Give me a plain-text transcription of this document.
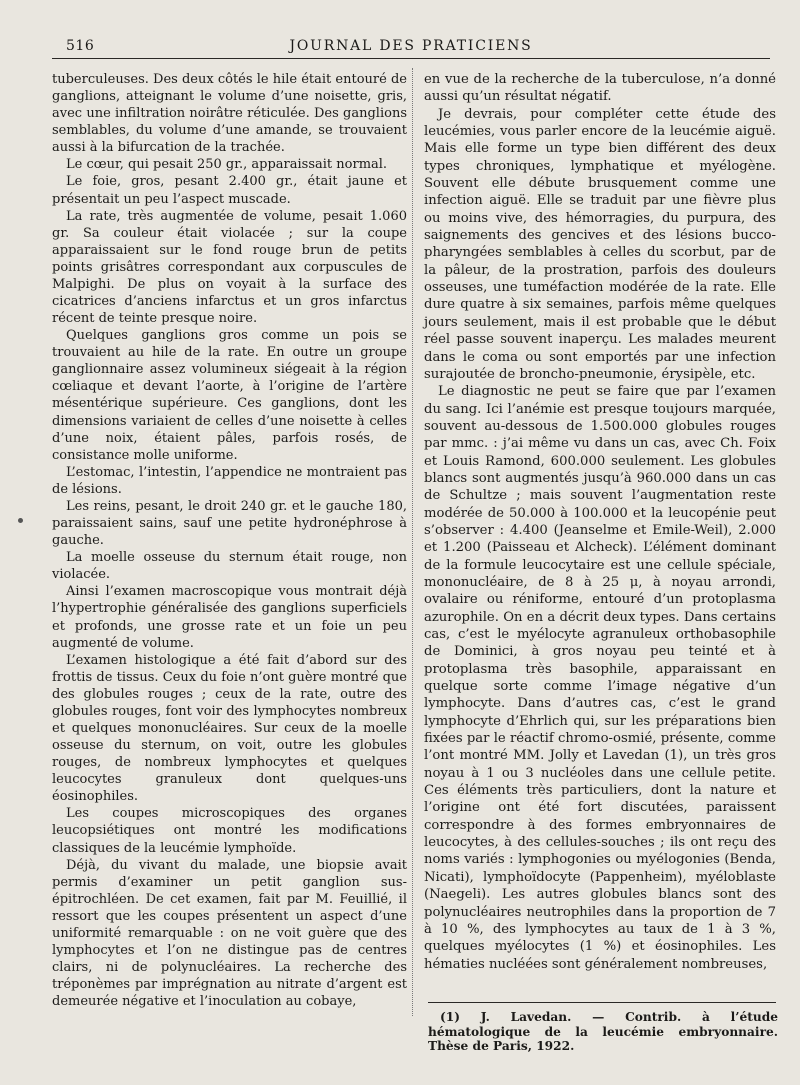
516	JOURNAL DES PRATICIENS

tuberculeuses. Des deux côtés le hile était entouré de ganglions, atteignant le volume d’une noisette, gris, avec une infiltration noirâtre réticulée. Des ganglions semblables, du volume d’une amande, se trouvaient aussi à la bifurcation de la trachée.

Le cœur, qui pesait 250 gr., apparaissait normal.

Le foie, gros, pesant 2.400 gr., était jaune et présentait un peu l’aspect muscade.

La rate, très augmentée de volume, pesait 1.060 gr. Sa couleur était violacée ; sur la coupe apparaissaient sur le fond rouge brun de petits points grisâtres correspondant aux corpuscules de Malpighi. De plus on voyait à la surface des cicatrices d’anciens infarctus et un gros infarctus récent de teinte presque noire.

Quelques ganglions gros comme un pois se trouvaient au hile de la rate. En outre un groupe ganglionnaire assez volumineux siégeait à la région cœliaque et devant l’aorte, à l’origine de l’artère mésentérique supérieure. Ces ganglions, dont les dimensions variaient de celles d’une noisette à celles d’une noix, étaient pâles, parfois rosés, de consistance molle uniforme.

L’estomac, l’intestin, l’appendice ne montraient pas de lésions.

Les reins, pesant, le droit 240 gr. et le gauche 180, paraissaient sains, sauf une petite hydronéphrose à gauche.

La moelle osseuse du sternum était rouge, non violacée.

Ainsi l’examen macroscopique vous montrait déjà l’hypertrophie généralisée des ganglions superficiels et profonds, une grosse rate et un foie un peu augmenté de volume.

L’examen histologique a été fait d’abord sur des frottis de tissus. Ceux du foie n’ont guère montré que des globules rouges ; ceux de la rate, outre des globules rouges, font voir des lymphocytes nombreux et quelques mononucléaires. Sur ceux de la moelle osseuse du sternum, on voit, outre les globules rouges, de nombreux lymphocytes et quelques leucocytes granuleux dont quelques-uns éosinophiles.

Les coupes microscopiques des organes leucopsiétiques ont montré les modifications classiques de la leucémie lymphoïde.

Déjà, du vivant du malade, une biopsie avait permis d’examiner un petit ganglion sus-épitrochléen. De cet examen, fait par M. Feuillié, il ressort que les coupes présentent un aspect d’une uniformité remarquable : on ne voit guère que des lymphocytes et l’on ne distingue pas de centres clairs, ni de polynucléaires. La recherche des tréponèmes par imprégnation au nitrate d’argent est demeurée négative et l’inoculation au cobaye,

en vue de la recherche de la tuberculose, n’a donné aussi qu’un résultat négatif.

Je devrais, pour compléter cette étude des leucémies, vous parler encore de la leucémie aiguë. Mais elle forme un type bien différent des deux types chroniques, lymphatique et myélogène. Souvent elle débute brusquement comme une infection aiguë. Elle se traduit par une fièvre plus ou moins vive, des hémorragies, du purpura, des saignements des gencives et des lésions bucco-pharyngées semblables à celles du scorbut, par de la pâleur, de la prostration, parfois des douleurs osseuses, une tuméfaction modérée de la rate. Elle dure quatre à six semaines, parfois même quelques jours seulement, mais il est probable que le début réel passe souvent inaperçu. Les malades meurent dans le coma ou sont emportés par une infection surajoutée de broncho-pneumonie, érysipèle, etc.

Le diagnostic ne peut se faire que par l’examen du sang. Ici l’anémie est presque toujours marquée, souvent au-dessous de 1.500.000 globules rouges par mmc. : j’ai même vu dans un cas, avec Ch. Foix et Louis Ramond, 600.000 seulement. Les globules blancs sont augmentés jusqu’à 960.000 dans un cas de Schultze ; mais souvent l’augmentation reste modérée de 50.000 à 100.000 et la leucopénie peut s’observer : 4.400 (Jeanselme et Emile-Weil), 2.000 et 1.200 (Paisseau et Alcheck). L’élément dominant de la formule leucocytaire est une cellule spéciale, mononucléaire, de 8 à 25 μ, à noyau arrondi, ovalaire ou réniforme, entouré d’un protoplasma azurophile. On en a décrit deux types. Dans certains cas, c’est le myélocyte agranuleux orthobasophile de Dominici, à gros noyau peu teinté et à protoplasma très basophile, apparaissant en quelque sorte comme l’image négative d’un lymphocyte. Dans d’autres cas, c’est le grand lymphocyte d’Ehrlich qui, sur les préparations bien fixées par le réactif chromo-osmié, présente, comme l’ont montré MM. Jolly et Lavedan (1), un très gros noyau à 1 ou 3 nucléoles dans une cellule petite. Ces éléments très particuliers, dont la nature et l’origine ont été fort discutées, paraissent correspondre à des formes embryonnaires de leucocytes, à des cellules-souches ; ils ont reçu des noms variés : lymphogonies ou myélogonies (Benda, Nicati), lymphoïdocyte (Pappenheim), myéloblaste (Naegeli). Les autres globules blancs sont des polynucléaires neutrophiles dans la proportion de 7 à 10 %, des lymphocytes au taux de 1 à 3 %, quelques myélocytes (1 %) et éosinophiles. Les hématies nucléées sont généralement nombreuses,

(1) J. Lavedan. — Contrib. à l’étude hématologique de la leucémie embryonnaire. Thèse de Paris, 1922.
